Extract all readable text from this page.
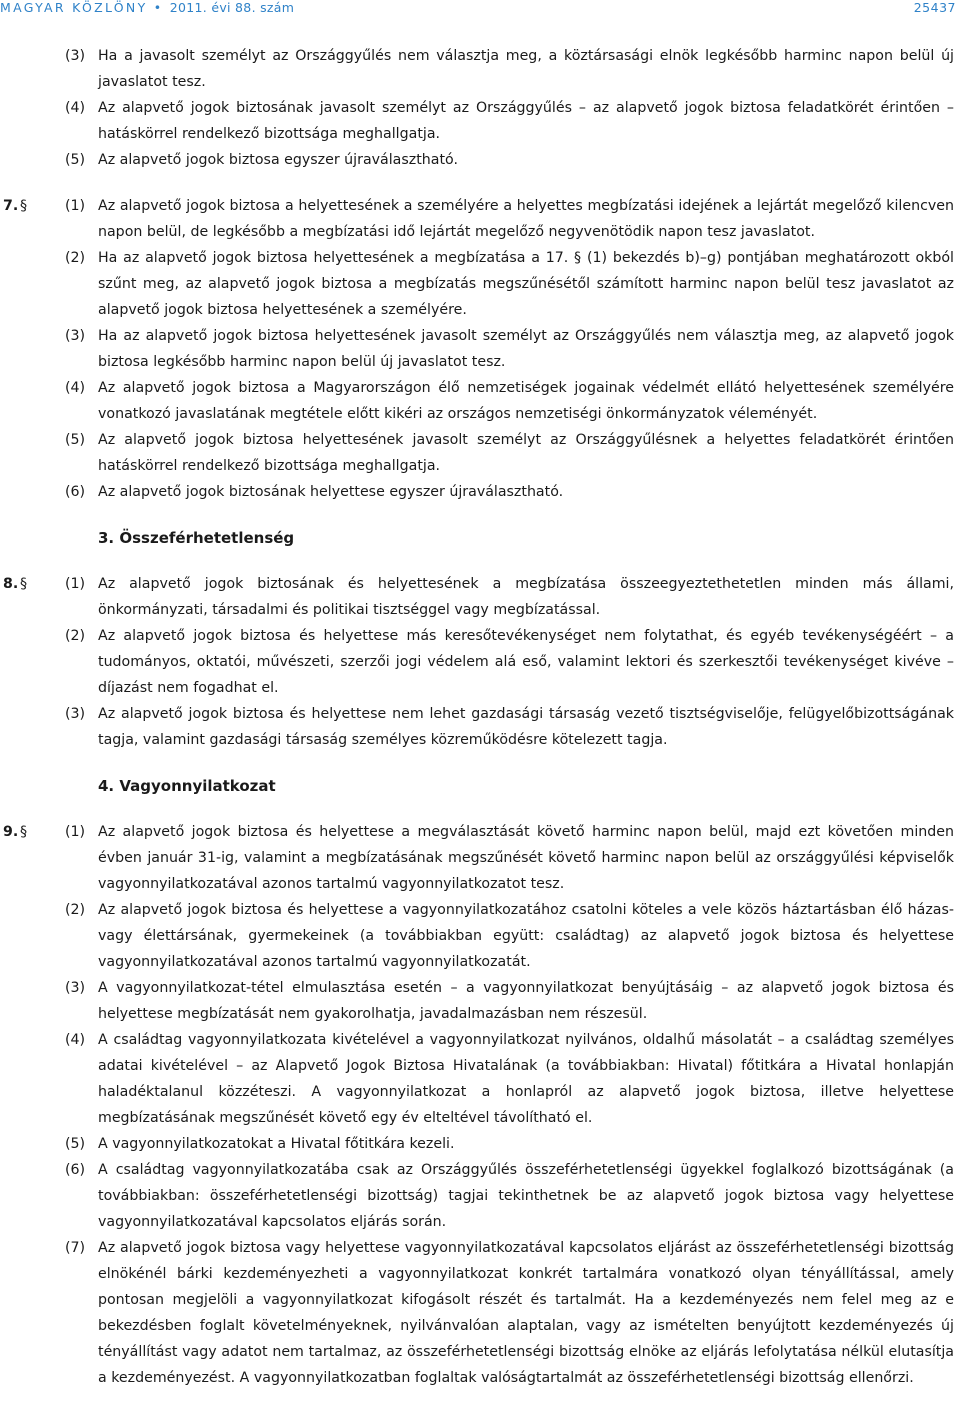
MAGYAR KÖZLÖNY • 2011. évi 88. szám	25437
(3) Ha a javasolt személyt az Országgyűlés nem választja meg, a köztársasági elnök legkésőbb harminc napon belül új javaslatot tesz.
(4) Az alapvető jogok biztosának javasolt személyt az Országgyűlés – az alapvető jogok biztosa feladatkörét érintően – hatáskörrel rendelkező bizottsága meghallgatja.
(5) Az alapvető jogok biztosa egyszer újraválasztható.
7. §	(1) Az alapvető jogok biztosa a helyettesének a személyére a helyettes megbízatási idejének a lejártát megelőző kilencven napon belül, de legkésőbb a megbízatási idő lejártát megelőző negyvenötödik napon tesz javaslatot.
(2) Ha az alapvető jogok biztosa helyettesének a megbízatása a 17. § (1) bekezdés b)–g) pontjában meghatározott okból szűnt meg, az alapvető jogok biztosa a megbízatás megszűnésétől számított harminc napon belül tesz javaslatot az alapvető jogok biztosa helyettesének a személyére.
(3) Ha az alapvető jogok biztosa helyettesének javasolt személyt az Országgyűlés nem választja meg, az alapvető jogok biztosa legkésőbb harminc napon belül új javaslatot tesz.
(4) Az alapvető jogok biztosa a Magyarországon élő nemzetiségek jogainak védelmét ellátó helyettesének személyére vonatkozó javaslatának megtétele előtt kikéri az országos nemzetiségi önkormányzatok véleményét.
(5) Az alapvető jogok biztosa helyettesének javasolt személyt az Országgyűlésnek a helyettes feladatkörét érintően hatáskörrel rendelkező bizottsága meghallgatja.
(6) Az alapvető jogok biztosának helyettese egyszer újraválasztható.
3. Összeférhetetlenség
8. §	(1) Az alapvető jogok biztosának és helyettesének a megbízatása összeegyeztethetetlen minden más állami, önkormányzati, társadalmi és politikai tisztséggel vagy megbízatással.
(2) Az alapvető jogok biztosa és helyettese más keresőtevékenységet nem folytathat, és egyéb tevékenységéért – a tudományos, oktatói, művészeti, szerzői jogi védelem alá eső, valamint lektori és szerkesztői tevékenységet kivéve – díjazást nem fogadhat el.
(3) Az alapvető jogok biztosa és helyettese nem lehet gazdasági társaság vezető tisztségviselője, felügyelőbizottságának tagja, valamint gazdasági társaság személyes közreműködésre kötelezett tagja.
4. Vagyonnyilatkozat
9. §	(1) Az alapvető jogok biztosa és helyettese a megválasztását követő harminc napon belül, majd ezt követően minden évben január 31-ig, valamint a megbízatásának megszűnését követő harminc napon belül az országgyűlési képviselők vagyonnyilatkozatával azonos tartalmú vagyonnyilatkozatot tesz.
(2) Az alapvető jogok biztosa és helyettese a vagyonnyilatkozatához csatolni köteles a vele közös háztartásban élő házas- vagy élettársának, gyermekeinek (a továbbiakban együtt: családtag) az alapvető jogok biztosa és helyettese vagyonnyilatkozatával azonos tartalmú vagyonnyilatkozatát.
(3) A vagyonnyilatkozat-tétel elmulasztása esetén – a vagyonnyilatkozat benyújtásáig – az alapvető jogok biztosa és helyettese megbízatását nem gyakorolhatja, javadalmazásban nem részesül.
(4) A családtag vagyonnyilatkozata kivételével a vagyonnyilatkozat nyilvános, oldalhű másolatát – a családtag személyes adatai kivételével – az Alapvető Jogok Biztosa Hivatalának (a továbbiakban: Hivatal) főtitkára a Hivatal honlapján haladéktalanul közzéteszi. A vagyonnyilatkozat a honlapról az alapvető jogok biztosa, illetve helyettese megbízatásának megszűnését követő egy év elteltével távolítható el.
(5) A vagyonnyilatkozatokat a Hivatal főtitkára kezeli.
(6) A családtag vagyonnyilatkozatába csak az Országgyűlés összeférhetetlenségi ügyekkel foglalkozó bizottságának (a továbbiakban: összeférhetetlenségi bizottság) tagjai tekinthetnek be az alapvető jogok biztosa vagy helyettese vagyonnyilatkozatával kapcsolatos eljárás során.
(7) Az alapvető jogok biztosa vagy helyettese vagyonnyilatkozatával kapcsolatos eljárást az összeférhetetlenségi bizottság elnökénél bárki kezdeményezheti a vagyonnyilatkozat konkrét tartalmára vonatkozó olyan tényállítással, amely pontosan megjelöli a vagyonnyilatkozat kifogásolt részét és tartalmát. Ha a kezdeményezés nem felel meg az e bekezdésben foglalt követelményeknek, nyilvánvalóan alaptalan, vagy az ismételten benyújtott kezdeményezés új tényállítást vagy adatot nem tartalmaz, az összeférhetetlenségi bizottság elnöke az eljárás lefolytatása nélkül elutasítja a kezdeményezést. A vagyonnyilatkozatban foglaltak valóságtartalmát az összeférhetetlenségi bizottság ellenőrzi.
